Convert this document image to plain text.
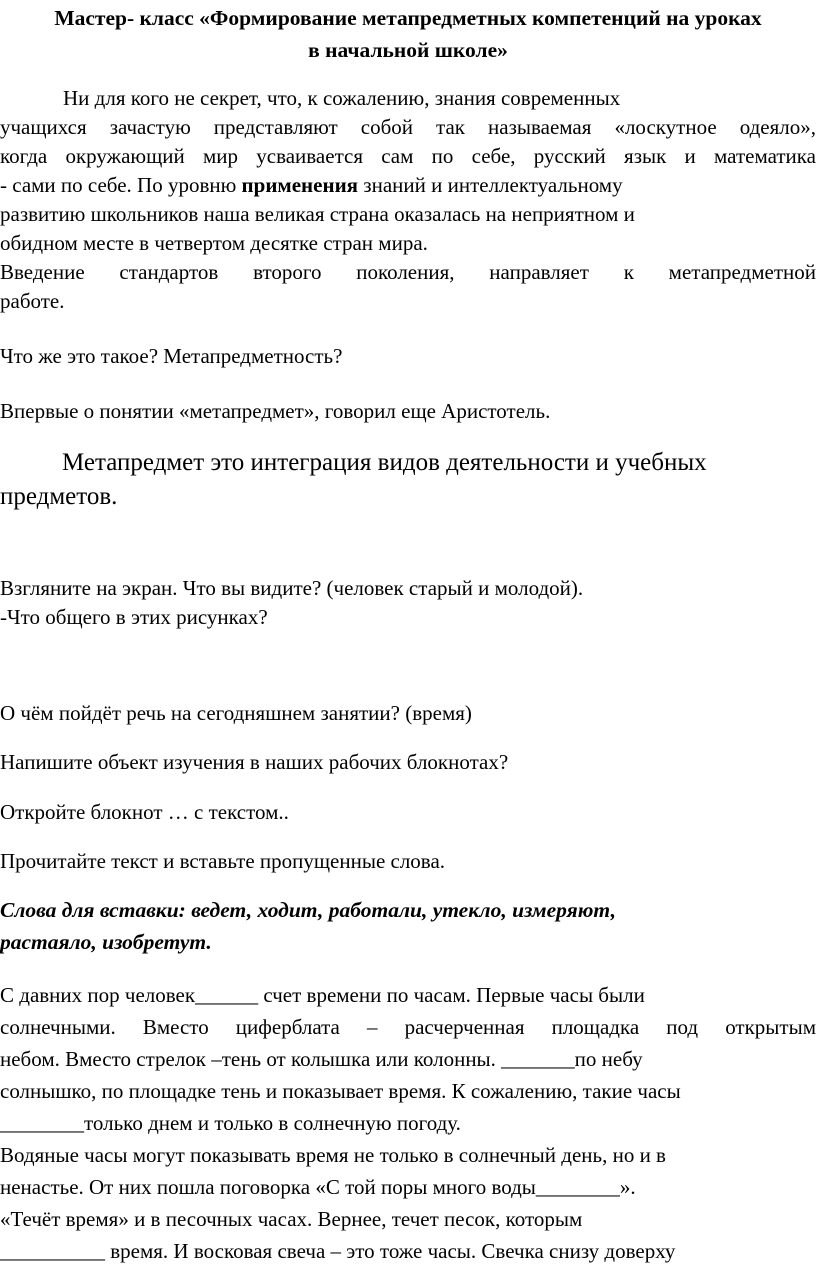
Мастер- класс «Формирование метапредметных компетенций на уроках
в начальной школе»
Ни для кого не секрет, что, к сожалению, знания современных
учащихся зачастую представляют собой так называемая «лоскутное одеяло»,
когда окружающий мир усваивается сам по себе, русский язык и математика
- сами по себе. По уровню применения знаний и интеллектуальному
развитию школьников наша великая страна оказалась на неприятном и
обидном месте в четвертом десятке стран мира.
Введение стандартов второго поколения, направляет к метапредметной
работе.
Что же это такое? Метапредметность?
Впервые о понятии «метапредмет», говорил еще Аристотель.
Метапредмет это интеграция видов деятельности и учебных
предметов.
Взгляните на экран. Что вы видите? (человек старый и молодой).
-Что общего в этих рисунках?
О чём пойдёт речь на сегодняшнем занятии? (время)
Напишите объект изучения в наших рабочих блокнотах?
Откройте блокнот … с текстом..
Прочитайте текст и вставьте пропущенные слова.
Слова для вставки: ведет, ходит, работали, утекло, измеряют,
растаяло, изобретут.
С давних пор человек______ счет времени по часам. Первые часы были
солнечными. Вместо циферблата – расчерченная площадка под открытым
небом. Вместо стрелок –тень от колышка или колонны. _______по небу
солнышко, по площадке тень и показывает время. К сожалению, такие часы
________только днем и только в солнечную погоду.
Водяные часы могут показывать время не только в солнечный день, но и в
ненастье. От них пошла поговорка «С той поры много воды________».
«Течёт время» и в песочных часах. Вернее, течет песок, которым
__________ время. И восковая свеча – это тоже часы. Свечка снизу доверху
